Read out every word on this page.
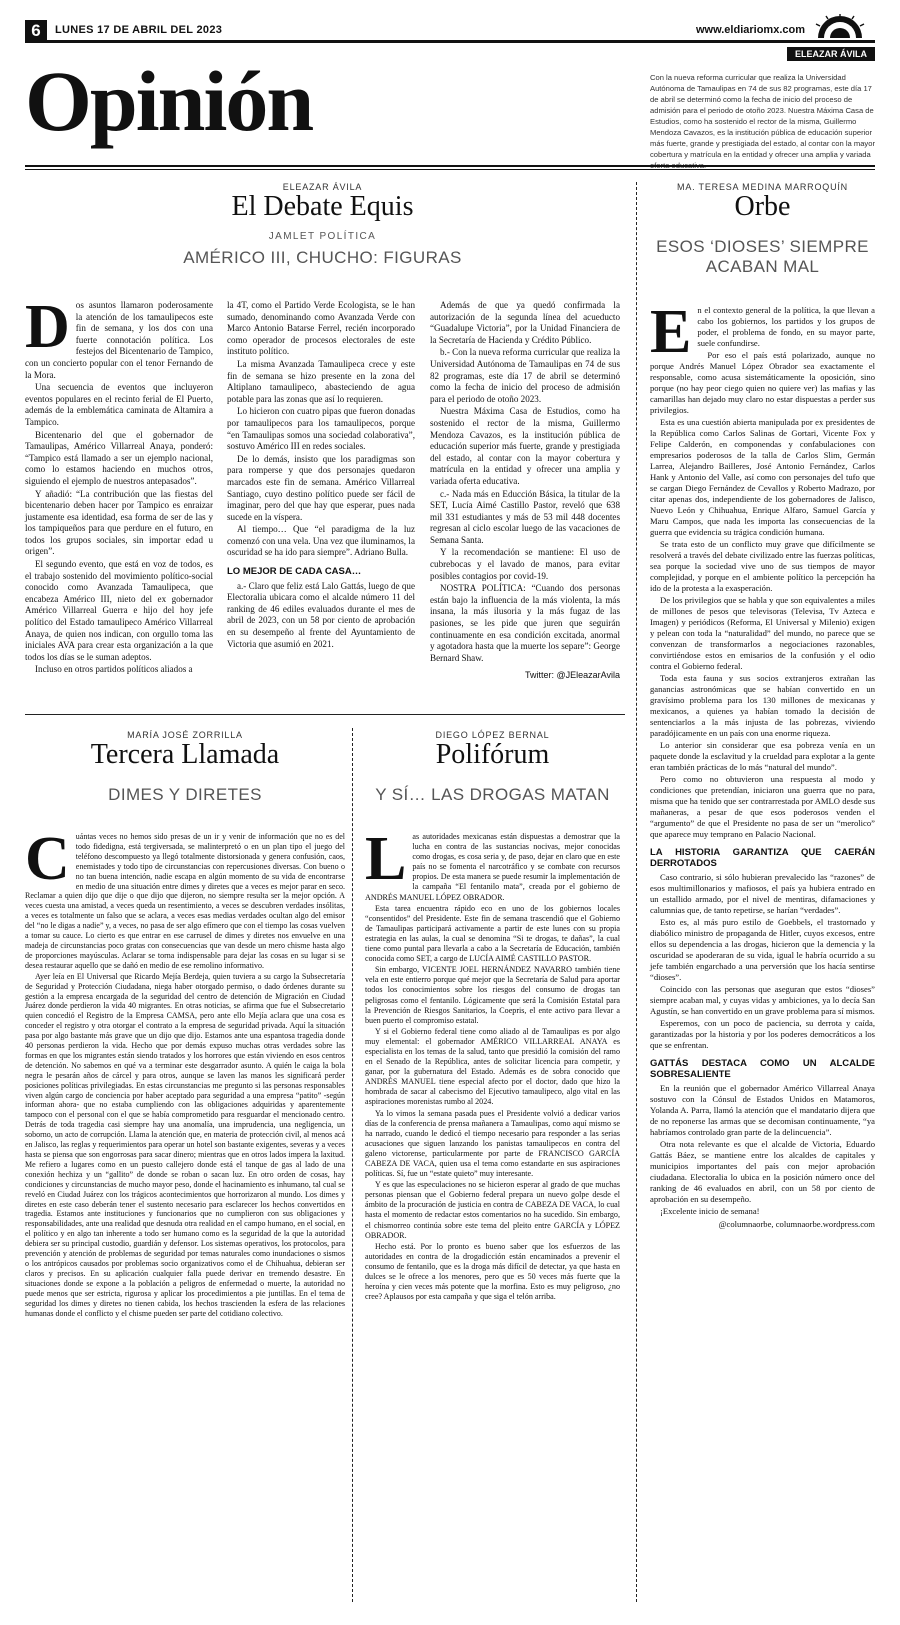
6	LUNES 17 DE ABRIL DEL 2023	www.eldiariomx.com
Opinión	ELEAZAR ÁVILA
Con la nueva reforma curricular que realiza la Universidad Autónoma de Tamaulipas en 74 de sus 82 programas, este día 17 de abril se determinó como la fecha de inicio del proceso de admisión para el periodo de otoño 2023. Nuestra Máxima Casa de Estudios, como ha sostenido el rector de la misma, Guillermo Mendoza Cavazos, es la institución pública de educación superior más fuerte, grande y prestigiada del estado, al contar con la mayor cobertura y matrícula en la entidad y ofrecer una amplia y variada
ELEAZAR ÁVILA
El Debate Equis
JAMLET POLÍTICA
AMÉRICO III, CHUCHO: FIGURAS

Dos asuntos llamaron poderosamente la atención de los tamaulipecos este fin de semana, y los dos con una fuerte connotación política. Los festejos del Bicentenario de Tampico, con un concierto popular con el tenor Fernando de la Mora.

Una secuencia de eventos que incluyeron eventos populares en el recinto ferial de El Puerto, además de la emblemática caminata de Altamira a Tampico.

Bicentenario del que el gobernador de Tamaulipas, Américo Villarreal Anaya, ponderó: “Tampico está llamado a ser un ejemplo nacional, como lo estamos haciendo en muchos otros, siguiendo el ejemplo de nuestros antepasados”.

Y añadió: “La contribución que las fiestas del bicentenario deben hacer por Tampico es enraizar justamente esa identidad, esa forma de ser de las y los tampiqueños para que perdure en el futuro, en todos los grupos sociales, sin importar edad u origen”.

El segundo evento, que está en voz de todos, es el trabajo sostenido del movimiento político-social conocido como Avanzada Tamaulipeca, que encabeza Américo III, nieto del ex gobernador Américo Villarreal Guerra e hijo del hoy jefe político del Estado tamaulipeco Américo Villarreal Anaya, de quien nos indican, con orgullo toma las iniciales AVA para crear esta organización a la que todos los días se le suman adeptos.

Incluso en otros partidos políticos aliados a

la 4T, como el Partido Verde Ecologista, se le han sumado, denominando como Avanzada Verde con Marco Antonio Batarse Ferrel, recién incorporado como operador de procesos electorales de este instituto político.

La misma Avanzada Tamaulipeca crece y este fin de semana se hizo presente en la zona del Altiplano tamaulipeco, abasteciendo de agua potable para las zonas que así lo requieren.

Lo hicieron con cuatro pipas que fueron donadas por tamaulipecos para los tamaulipecos, porque “en Tamaulipas somos una sociedad colaborativa”, sostuvo Américo III en redes sociales.

De lo demás, insisto que los paradigmas son para romperse y que dos personajes quedaron marcados este fin de semana. Américo Villarreal Santiago, cuyo destino político puede ser fácil de imaginar, pero del que hay que esperar, pues nada sucede en la víspera.

Al tiempo… Que “el paradigma de la luz comenzó con una vela. Una vez que iluminamos, la oscuridad se ha ido para siempre”. Adriano Bulla.

LO MEJOR DE CADA CASA…

a.- Claro que feliz está Lalo Gattás, luego de que Electoralia ubicara como el alcalde número 11 del ranking de 46 ediles evaluados durante el mes de abril de 2023, con un 58 por ciento de aprobación en su desempeño al frente del Ayuntamiento de Victoria que asumió en 2021.

Además de que ya quedó confirmada la autorización de la segunda línea del acueducto “Guadalupe Victoria”, por la Unidad Financiera de la Secretaría de Hacienda y Crédito Público.

b.- Con la nueva reforma curricular que realiza la Universidad Autónoma de Tamaulipas en 74 de sus 82 programas, este día 17 de abril se determinó como la fecha de inicio del proceso de admisión para el periodo de otoño 2023.

Nuestra Máxima Casa de Estudios, como ha sostenido el rector de la misma, Guillermo Mendoza Cavazos, es la institución pública de educación superior más fuerte, grande y prestigiada del estado, al contar con la mayor cobertura y matrícula en la entidad y ofrecer una amplia y variada oferta educativa.

c.- Nada más en Educción Básica, la titular de la SET, Lucía Aimé Castillo Pastor, reveló que 638 mil 331 estudiantes y más de 53 mil 448 docentes regresan al ciclo escolar luego de las vacaciones de Semana Santa.

Y la recomendación se mantiene: El uso de cubrebocas y el lavado de manos, para evitar posibles contagios por covid-19.

NOSTRA POLÍTICA: “Cuando dos personas están bajo la influencia de la más violenta, la más insana, la más ilusoria y la más fugaz de las pasiones, se les pide que juren que seguirán continuamente en esa condición excitada, anormal y agotadora hasta que la muerte los separe”: George Bernard Shaw.

Twitter: @JEleazarAvila
MA. TERESA MEDINA MARROQUÍN
Orbe
ESOS ‘DIOSES’ SIEMPRE ACABAN MAL

En el contexto general de la política, la que llevan a cabo los gobiernos, los partidos y los grupos de poder, el problema de fondo, en su mayor parte, suele confundirse.

Por eso el país está polarizado, aunque no porque Andrés Manuel López Obrador sea exactamente el responsable, como acusa sistemáticamente la oposición, sino porque (no hay peor ciego quien no quiere ver) las mafias y las camarillas han dejado muy claro no estar dispuestas a perder sus privilegios.

Esta es una cuestión abierta manipulada por ex presidentes de la República como Carlos Salinas de Gortari, Vicente Fox y Felipe Calderón, en componendas y confabulaciones con empresarios poderosos de la talla de Carlos Slim, Germán Larrea, Alejandro Bailleres, José Antonio Fernández, Carlos Hank y Antonio del Valle, así como con personajes del tufo que se cargan Diego Fernández de Cevallos y Roberto Madrazo, por citar apenas dos, independiente de los gobernadores de Jalisco, Nuevo León y Chihuahua, Enrique Alfaro, Samuel García y Maru Campos, que nada les importa las consecuencias de la guerra que evidencia su trágica condición humana.

Se trata esto de un conflicto muy grave que difícilmente se resolverá a través del debate civilizado entre las fuerzas políticas, sea porque la sociedad vive uno de sus tiempos de mayor complejidad, y porque en el ambiente político la percepción ha ido de la protesta a la exasperación.

De los privilegios que se habla y que son equivalentes a miles de millones de pesos que televisoras (Televisa, Tv Azteca e Imagen) y periódicos (Reforma, El Universal y Milenio) exigen y pelean con toda la “naturalidad” del mundo, no parece que se convenzan de transformarlos a negociaciones razonables, convirtiéndose estos en emisarios de la confusión y el odio contra el Gobierno federal.

Toda esta fauna y sus socios extranjeros extrañan las ganancias astronómicas que se habían convertido en un gravísimo problema para los 130 millones de mexicanas y mexicanos, a quienes ya habían tomado la decisión de sentenciarlos a la más injusta de las pobrezas, viviendo paradójicamente en un país con una enorme riqueza.

Lo anterior sin considerar que esa pobreza venía en un paquete donde la esclavitud y la crueldad para explotar a la gente eran también prácticas de lo más “natural del mundo”.

Pero como no obtuvieron una respuesta al modo y condiciones que pretendían, iniciaron una guerra que no para, misma que ha tenido que ser contrarrestada por AMLO desde sus mañaneras, a pesar de que esos poderosos venden el “argumento” de que el Presidente no pasa de ser un “merolico” que aparece muy temprano en Palacio Nacional.

LA HISTORIA GARANTIZA QUE CAERÁN DERROTADOS

Caso contrario, si sólo hubieran prevalecido las “razones” de esos multimillonarios y mafiosos, el país ya hubiera entrado en un estallido armado, por el nivel de mentiras, difamaciones y calumnias que, de tanto repetirse, se harían “verdades”.

Esto es, al más puro estilo de Goebbels, el trastornado y diabólico ministro de propaganda de Hitler, cuyos excesos, entre ellos su dependencia a las drogas, hicieron que la demencia y la oscuridad se apoderaran de su vida, igual le habría ocurrido a su jefe también engarchado a una perversión que los hacía sentirse “dioses”.

Coincido con las personas que aseguran que estos “dioses” siempre acaban mal, y cuyas vidas y ambiciones, ya lo decía San Agustín, se han convertido en un grave problema para sí mismos.

Esperemos, con un poco de paciencia, su derrota y caída, garantizadas por la historia y por los poderes democráticos a los que se enfrentan.

GATTÁS DESTACA COMO UN ALCALDE SOBRESALIENTE

En la reunión que el gobernador Américo Villarreal Anaya sostuvo con la Cónsul de Estados Unidos en Matamoros, Yolanda A. Parra, llamó la atención que el mandatario dijera que de no reponerse las armas que se decomisan continuamente, “ya habríamos controlado gran parte de la delincuencia”.

Otra nota relevante es que el alcalde de Victoria, Eduardo Gattás Báez, se mantiene entre los alcaldes de capitales y municipios importantes del país con mejor aprobación ciudadana. Electoralia lo ubica en la posición número once del ranking de 46 evaluados en abril, con un 58 por ciento de aprobación en su desempeño.

¡Excelente inicio de semana!

@columnaorbe, columnaorbe.wordpress.com
MARÍA JOSÉ ZORRILLA
Tercera Llamada
DIMES Y DIRETES

Cuántas veces no hemos sido presas de un ir y venir de información que no es del todo fidedigna, está tergiversada, se malinterpretó o en un plan tipo el juego del teléfono descompuesto ya llegó totalmente distorsionada y genera confusión, caos, enemistades y todo tipo de circunstancias con repercusiones diversas. Con bueno o no tan buena intención, nadie escapa en algún momento de su vida de encontrarse en medio de una situación entre dimes y diretes que a veces es mejor parar en seco. Reclamar a quien dijo que dije o que dijo que dijeron, no siempre resulta ser la mejor opción. A veces cuesta una amistad, a veces queda un resentimiento, a veces se descubren verdades insólitas, a veces es totalmente un falso que se aclara, a veces esas medias verdades ocultan algo del emisor del “no le digas a nadie” y, a veces, no pasa de ser algo efímero que con el tiempo las cosas vuelven a tomar su cauce. Lo cierto es que entrar en ese carrusel de dimes y diretes nos envuelve en una madeja de circunstancias poco gratas con consecuencias que van desde un mero chisme hasta algo de proporciones mayúsculas. Aclarar se torna indispensable para dejar las cosas en su lugar si se desea restaurar aquello que se dañó en medio de ese remolino informativo.

Ayer leía en El Universal que Ricardo Mejía Berdeja, quien tuviera a su cargo la Subsecretaría de Seguridad y Protección Ciudadana, niega haber otorgado permiso, o dado órdenes durante su gestión a la empresa encargada de la seguridad del centro de detención de Migración en Ciudad Juárez donde perdieron la vida 40 migrantes. En otras noticias, se afirma que fue el Subsecretario quien concedió el Registro de la Empresa CAMSA, pero ante ello Mejía aclara que una cosa es conceder el registro y otra otorgar el contrato a la empresa de seguridad privada. Aquí la situación pasa por algo bastante más grave que un dijo que dijo. Estamos ante una espantosa tragedia donde 40 personas perdieron la vida. Hecho que por demás expuso muchas otras verdades sobre las formas en que los migrantes están siendo tratados y los horrores que están viviendo en esos centros de detención. No sabemos en qué va a terminar este desgarrador asunto. A quién le caiga la bola negra le pesarán años de cárcel y para otros, aunque se laven las manos les significará perder posiciones políticas privilegiadas. En estas circunstancias me pregunto si las personas responsables viven algún cargo de conciencia por haber aceptado para seguridad a una empresa “patito” -según informan ahora- que no estaba cumpliendo con las obligaciones adquiridas y aparentemente tampoco con el personal con el que se había comprometido para resguardar el mencionado centro. Detrás de toda tragedia casi siempre hay una anomalía, una imprudencia, una negligencia, un soborno, un acto de corrupción. Llama la atención que, en materia de protección civil, al menos acá en Jalisco, las reglas y requerimientos para operar un hotel son bastante exigentes, severas y a veces hasta se piensa que son engorrosas para sacar dinero; mientras que en otros lados impera la laxitud. Me refiero a lugares como en un puesto callejero donde está el tanque de gas al lado de una conexión hechiza y un “gallito” de donde se roban o sacan luz. En otro orden de cosas, hay condiciones y circunstancias de mucho mayor peso, donde el hacinamiento es inhumano, tal cual se reveló en Ciudad Juárez con los trágicos acontecimientos que horrorizaron al mundo. Los dimes y diretes en este caso deberán tener el sustento necesario para esclarecer los hechos convertidos en tragedia. Estamos ante instituciones y funcionarios que no cumplieron con sus obligaciones y responsabilidades, ante una realidad que desnuda otra realidad en el campo humano, en el social, en el político y en algo tan inherente a todo ser humano como es la seguridad de la que la autoridad debiera ser su principal custodio, guardián y defensor. Los sistemas operativos, los protocolos, para prevención y atención de problemas de seguridad por temas naturales como inundaciones o sismos o los antrópicos causados por problemas socio organizativos como el de Chihuahua, debieran ser claros y precisos. En su aplicación cualquier falla puede derivar en tremendo desastre. En situaciones donde se expone a la población a peligros de enfermedad o muerte, la autoridad no puede menos que ser estricta, rigurosa y aplicar los procedimientos a pie juntillas. En el tema de seguridad los dimes y diretes no tienen cabida, los hechos trascienden la esfera de las relaciones humanas donde el conflicto y el chisme pueden ser parte del cotidiano colectivo.

DIEGO LÓPEZ BERNAL
Polifórum
Y SÍ… LAS DROGAS MATAN

Las autoridades mexicanas están dispuestas a demostrar que la lucha en contra de las sustancias nocivas, mejor conocidas como drogas, es cosa seria y, de paso, dejar en claro que en este país no se fomenta el narcotráfico y se combate con recursos propios. De esta manera se puede resumir la implementación de la campaña “El fentanilo mata”, creada por el gobierno de ANDRÉS MANUEL LÓPEZ OBRADOR.

Esta tarea encuentra rápido eco en uno de los gobiernos locales “consentidos” del Presidente. Este fin de semana trascendió que el Gobierno de Tamaulipas participará activamente a partir de este lunes con su propia estrategia en las aulas, la cual se denomina “Si te drogas, te dañas”, la cual tiene como puntal para llevarla a cabo a la Secretaría de Educación, también conocida como SET, a cargo de LUCÍA AIMÉ CASTILLO PASTOR.

Sin embargo, VICENTE JOEL HERNÁNDEZ NAVARRO también tiene vela en este entierro porque qué mejor que la Secretaría de Salud para aportar todos los conocimientos sobre los riesgos del consumo de drogas tan peligrosas como el fentanilo. Lógicamente que será la Comisión Estatal para la Prevención de Riesgos Sanitarios, la Coepris, el ente activo para llevar a buen puerto el compromiso estatal.

Y si el Gobierno federal tiene como aliado al de Tamaulipas es por algo muy elemental: el gobernador AMÉRICO VILLARREAL ANAYA es especialista en los temas de la salud, tanto que presidió la comisión del ramo en el Senado de la República, antes de solicitar licencia para competir, y ganar, por la gubernatura del Estado. Además es de sobra conocido que ANDRÉS MANUEL tiene especial afecto por el doctor, dado que hizo la hombrada de sacar al cabecismo del Ejecutivo tamaulipeco, algo vital en las aspiraciones morenistas rumbo al 2024.

Ya lo vimos la semana pasada pues el Presidente volvió a dedicar varios días de la conferencia de prensa mañanera a Tamaulipas, como aquí mismo se ha narrado, cuando le dedicó el tiempo necesario para responder a las serias acusaciones que siguen lanzando los panistas tamaulipecos en contra del galeno victorense, particularmente por parte de FRANCISCO GARCÍA CABEZA DE VACA, quien usa el tema como estandarte en sus aspiraciones políticas. Sí, fue un “estate quieto” muy interesante.

Y es que las especulaciones no se hicieron esperar al grado de que muchas personas piensan que el Gobierno federal prepara un nuevo golpe desde el ámbito de la procuración de justicia en contra de CABEZA DE VACA, lo cual hasta el momento de redactar estos comentarios no ha sucedido. Sin embargo, el chismorreo continúa sobre este tema del pleito entre GARCÍA y LÓPEZ OBRADOR.

Hecho está. Por lo pronto es bueno saber que los esfuerzos de las autoridades en contra de la drogadicción están encaminados a prevenir el consumo de fentanilo, que es la droga más difícil de detectar, ya que hasta en dulces se le ofrece a los menores, pero que es 50 veces más fuerte que la heroína y cien veces más potente que la morfina. Esto es muy peligroso, ¿no cree? Aplausos por esta campaña y que siga el telón arriba.
